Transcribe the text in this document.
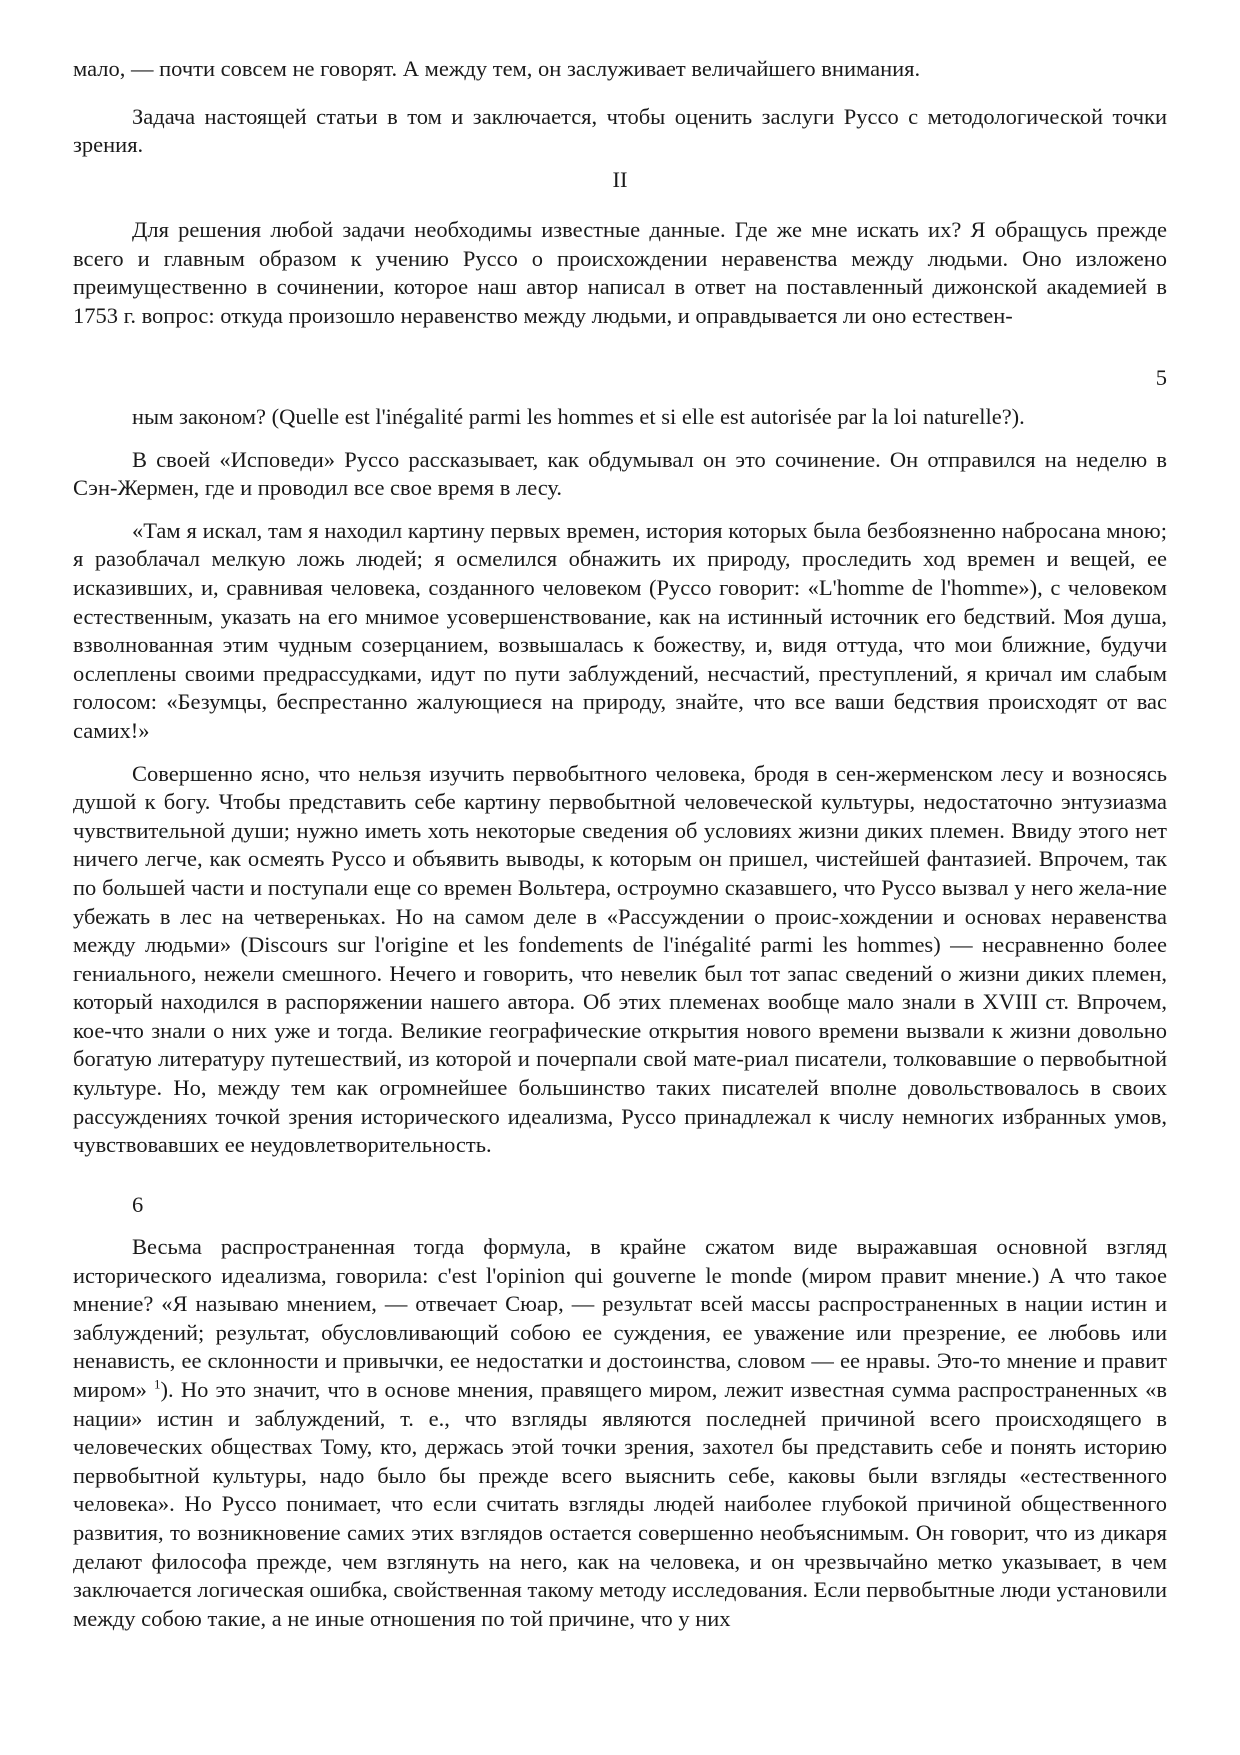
мало, — почти совсем не говорят. А между тем, он заслуживает величайшего внимания.

Задача настоящей статьи в том и заключается, чтобы оценить заслуги Руссо с методологической точки зрения.

II

Для решения любой задачи необходимы известные данные. Где же мне искать их? Я обращусь прежде всего и главным образом к учению Руссо о происхождении неравенства между людьми. Оно изложено преимущественно в сочинении, которое наш автор написал в ответ на поставленный дижонской академией в 1753 г. вопрос: откуда произошло неравенство между людьми, и оправдывается ли оно естествен-

5

ным законом? (Quelle est l'inégalité parmi les hommes et si elle est autorisée par la loi naturelle?).

В своей «Исповеди» Руссо рассказывает, как обдумывал он это сочинение. Он отправился на неделю в Сэн-Жермен, где и проводил все свое время в лесу.

«Там я искал, там я находил картину первых времен, история которых была безбоязненно набросана мною; я разоблачал мелкую ложь людей; я осмелился обнажить их природу, проследить ход времен и вещей, ее исказивших, и, сравнивая человека, созданного человеком (Руссо говорит: «L'homme de l'homme»), с человеком естественным, указать на его мнимое усовершенствование, как на истинный источник его бедствий. Моя душа, взволнованная этим чудным созерцанием, возвышалась к божеству, и, видя оттуда, что мои ближние, будучи ослеплены своими предрассудками, идут по пути заблуждений, несчастий, преступлений, я кричал им слабым голосом: «Безумцы, беспрестанно жалующиеся на природу, знайте, что все ваши бедствия происходят от вас самих!»

Совершенно ясно, что нельзя изучить первобытного человека, бродя в сен-жерменском лесу и возносясь душой к богу. Чтобы представить себе картину первобытной человеческой культуры, недостаточно энтузиазма чувствительной души; нужно иметь хоть некоторые сведения об условиях жизни диких племен. Ввиду этого нет ничего легче, как осмеять Руссо и объявить выводы, к которым он пришел, чистейшей фантазией. Впрочем, так по большей части и поступали еще со времен Вольтера, остроумно сказавшего, что Руссо вызвал у него жела-ние убежать в лес на четвереньках. Но на самом деле в «Рассуждении о проис-хождении и основах неравенства между людьми» (Discours sur l'origine et les fondements de l'inégalité parmi les hommes) — несравненно более гениального, нежели смешного. Нечего и говорить, что невелик был тот запас сведений о жизни диких племен, который находился в распоряжении нашего автора. Об этих племенах вообще мало знали в XVIII ст. Впрочем, кое-что знали о них уже и тогда. Великие географические открытия нового времени вызвали к жизни довольно богатую литературу путешествий, из которой и почерпали свой мате-риал писатели, толковавшие о первобытной культуре. Но, между тем как огромнейшее большинство таких писателей вполне довольствовалось в своих рассуждениях точкой зрения исторического идеализма, Руссо принадлежал к числу немногих избранных умов, чувствовавших ее неудовлетворительность.

6

Весьма распространенная тогда формула, в крайне сжатом виде выражавшая основной взгляд исторического идеализма, говорила: c'est l'opinion qui gouverne le monde (миром правит мнение.) А что такое мнение? «Я называю мнением, — отвечает Сюар, — результат всей массы распространенных в нации истин и заблуждений; результат, обусловливающий собою ее суждения, ее уважение или презрение, ее любовь или ненависть, ее склонности и привычки, ее недостатки и достоинства, словом — ее нравы. Это-то мнение и правит миром» $^1$). Но это значит, что в основе мнения, правящего миром, лежит известная сумма распространенных «в нации» истин и заблуждений, т. е., что взгляды являются последней причиной всего происходящего в человеческих обществах Тому, кто, держась этой точки зрения, захотел бы представить себе и понять историю первобытной культуры, надо было бы прежде всего выяснить себе, каковы были взгляды «естественного человека». Но Руссо понимает, что если считать взгляды людей наиболее глубокой причиной общественного развития, то возникновение самих этих взглядов остается совершенно необъяснимым. Он говорит, что из дикаря делают философа прежде, чем взглянуть на него, как на человека, и он чрезвычайно метко указывает, в чем заключается логическая ошибка, свойственная такому методу исследования. Если первобытные люди установили между собою такие, а не иные отношения по той причине, что у них
